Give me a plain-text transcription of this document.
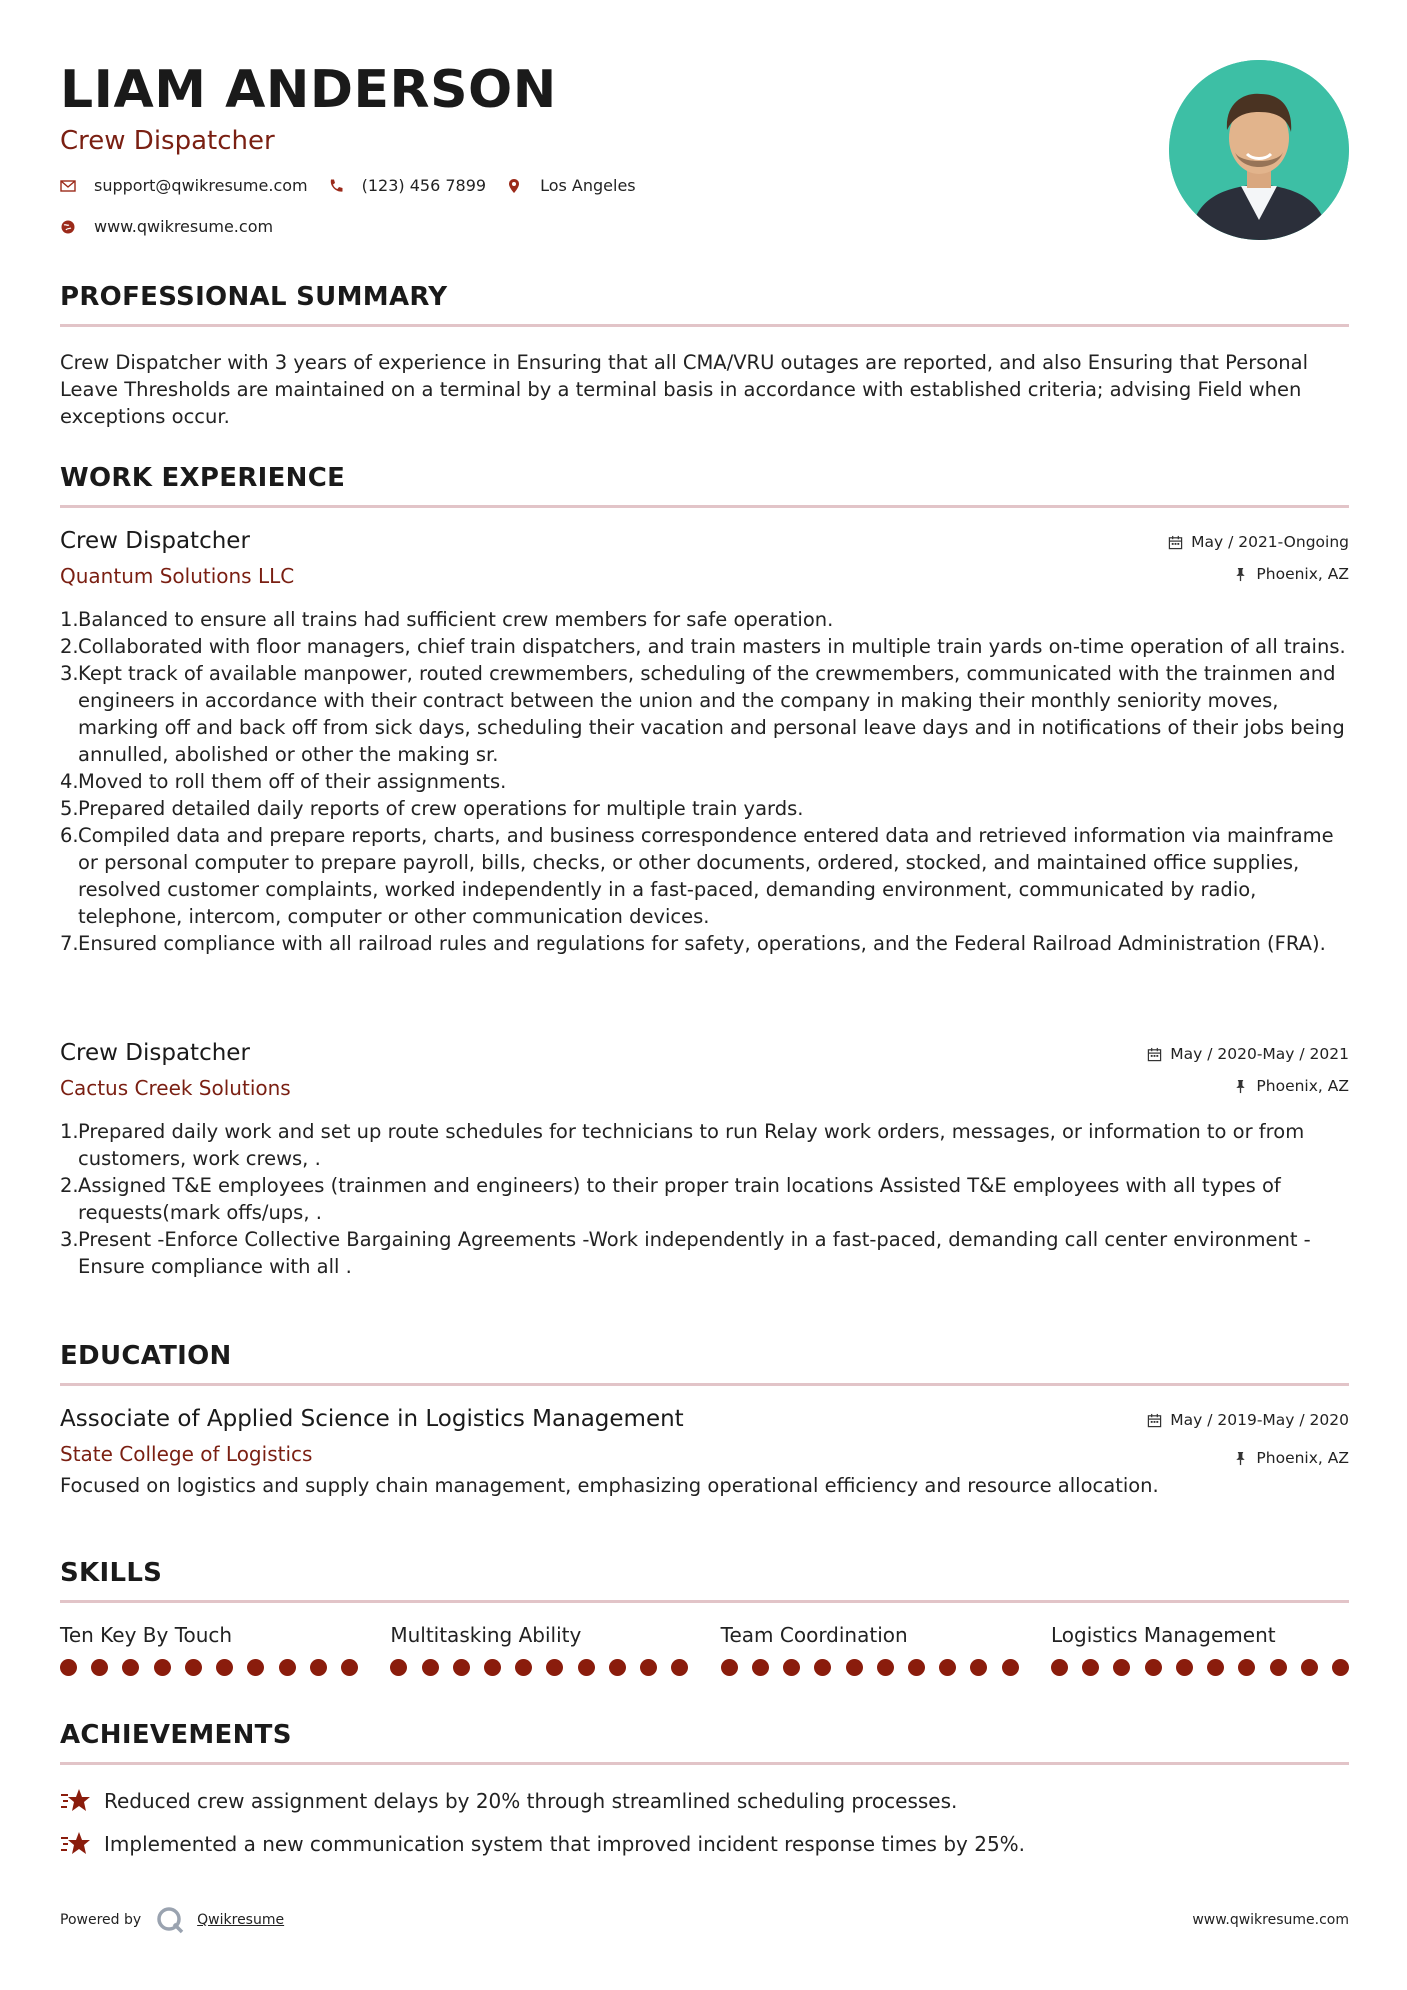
LIAM ANDERSON
Crew Dispatcher
support@qwikresume.com	(123) 456 7899	Los Angeles
www.qwikresume.com
PROFESSIONAL SUMMARY
Crew Dispatcher with 3 years of experience in Ensuring that all CMA/VRU outages are reported, and also Ensuring that Personal Leave Thresholds are maintained on a terminal by a terminal basis in accordance with established criteria; advising Field when exceptions occur.
WORK EXPERIENCE
Crew Dispatcher
Quantum Solutions LLC
May / 2021-Ongoing
Phoenix, AZ
1. Balanced to ensure all trains had sufficient crew members for safe operation.
2. Collaborated with floor managers, chief train dispatchers, and train masters in multiple train yards on-time operation of all trains.
3. Kept track of available manpower, routed crewmembers, scheduling of the crewmembers, communicated with the trainmen and engineers in accordance with their contract between the union and the company in making their monthly seniority moves, marking off and back off from sick days, scheduling their vacation and personal leave days and in notifications of their jobs being annulled, abolished or other the making sr.
4. Moved to roll them off of their assignments.
5. Prepared detailed daily reports of crew operations for multiple train yards.
6. Compiled data and prepare reports, charts, and business correspondence entered data and retrieved information via mainframe or personal computer to prepare payroll, bills, checks, or other documents, ordered, stocked, and maintained office supplies, resolved customer complaints, worked independently in a fast-paced, demanding environment, communicated by radio, telephone, intercom, computer or other communication devices.
7. Ensured compliance with all railroad rules and regulations for safety, operations, and the Federal Railroad Administration (FRA).
Crew Dispatcher
Cactus Creek Solutions
May / 2020-May / 2021
Phoenix, AZ
1. Prepared daily work and set up route schedules for technicians to run Relay work orders, messages, or information to or from customers, work crews, .
2. Assigned T&E employees (trainmen and engineers) to their proper train locations Assisted T&E employees with all types of requests(mark offs/ups, .
3. Present -Enforce Collective Bargaining Agreements -Work independently in a fast-paced, demanding call center environment -Ensure compliance with all .
EDUCATION
Associate of Applied Science in Logistics Management
State College of Logistics
May / 2019-May / 2020
Phoenix, AZ
Focused on logistics and supply chain management, emphasizing operational efficiency and resource allocation.
SKILLS
Ten Key By Touch	Multitasking Ability	Team Coordination	Logistics Management
ACHIEVEMENTS
Reduced crew assignment delays by 20% through streamlined scheduling processes.
Implemented a new communication system that improved incident response times by 25%.
Powered by	Qwikresume	www.qwikresume.com
